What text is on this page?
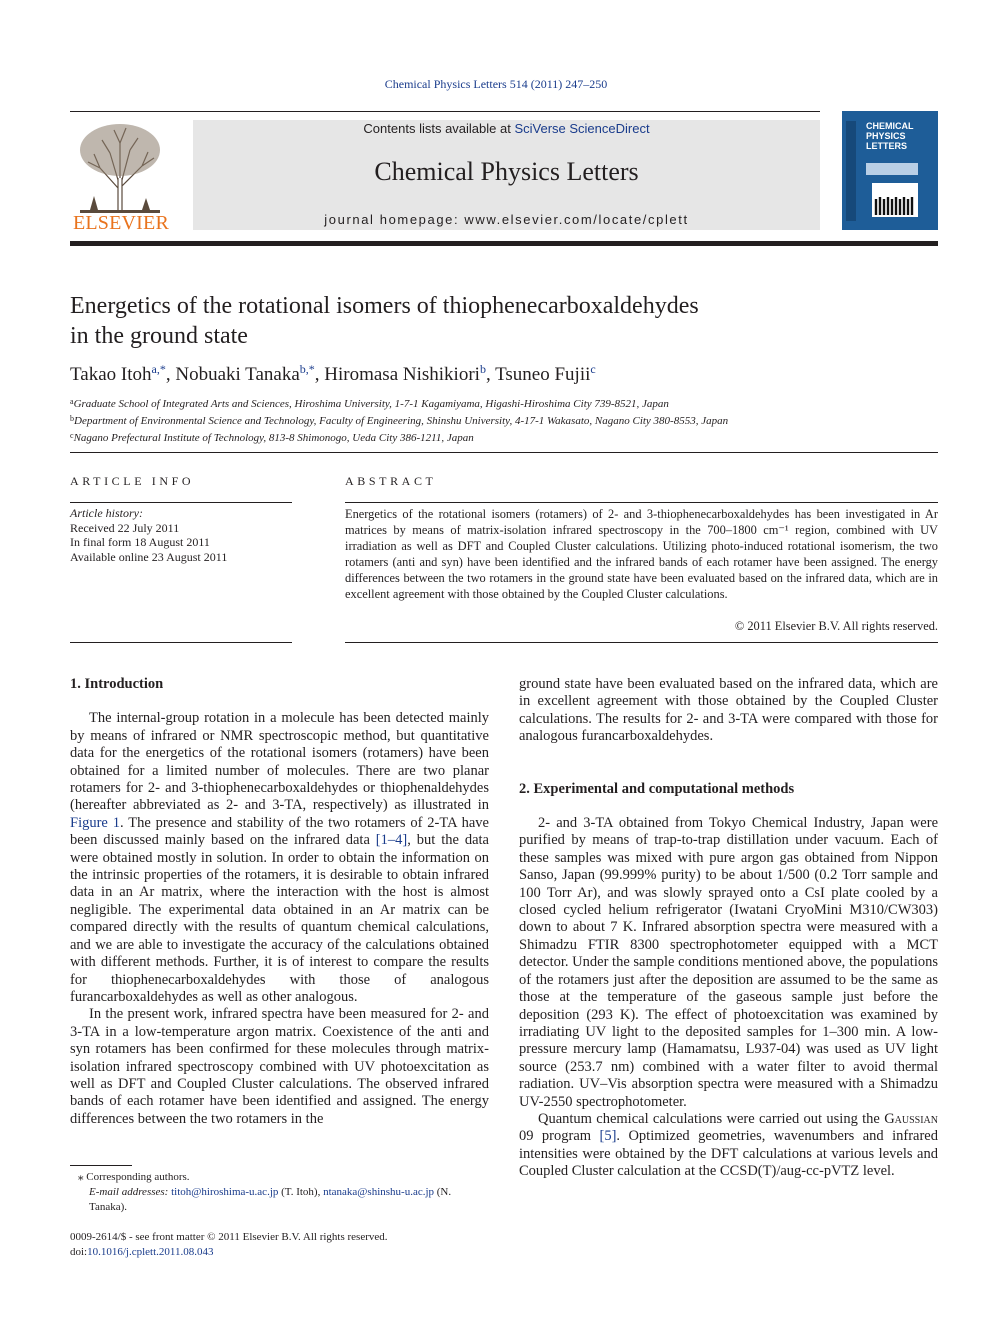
Chemical Physics Letters 514 (2011) 247–250
ELSEVIER
Contents lists available at SciVerse ScienceDirect
Chemical Physics Letters
journal homepage: www.elsevier.com/locate/cplett
CHEMICAL
PHYSICS
LETTERS
Energetics of the rotational isomers of thiophenecarboxaldehydes
in the ground state
Takao Itoh$^{a,*}$, Nobuaki Tanaka$^{b,*}$, Hiromasa Nishikiori$^b$, Tsuneo Fujii$^c$
$^a$Graduate School of Integrated Arts and Sciences, Hiroshima University, 1-7-1 Kagamiyama, Higashi-Hiroshima City 739-8521, Japan
$^b$Department of Environmental Science and Technology, Faculty of Engineering, Shinshu University, 4-17-1 Wakasato, Nagano City 380-8553, Japan
$^c$Nagano Prefectural Institute of Technology, 813-8 Shimonogo, Ueda City 386-1211, Japan
ARTICLE INFO
Article history:
Received 22 July 2011
In final form 18 August 2011
Available online 23 August 2011
ABSTRACT
Energetics of the rotational isomers (rotamers) of 2- and 3-thiophenecarboxaldehydes has been investigated in Ar matrices by means of matrix-isolation infrared spectroscopy in the 700–1800 cm⁻¹ region, combined with UV irradiation as well as DFT and Coupled Cluster calculations. Utilizing photo-induced rotational isomerism, the two rotamers (anti and syn) have been identified and the infrared bands of each rotamer have been assigned. The energy differences between the two rotamers in the ground state have been evaluated based on the infrared data, which are in excellent agreement with those obtained by the Coupled Cluster calculations.
© 2011 Elsevier B.V. All rights reserved.
1. Introduction

The internal-group rotation in a molecule has been detected mainly by means of infrared or NMR spectroscopic method, but quantitative data for the energetics of the rotational isomers (rotamers) have been obtained for a limited number of molecules. There are two planar rotamers for 2- and 3-thiophenecarboxaldehydes or thiophenaldehydes (hereafter abbreviated as 2- and 3-TA, respectively) as illustrated in Figure 1. The presence and stability of the two rotamers of 2-TA have been discussed mainly based on the infrared data [1–4], but the data were obtained mostly in solution. In order to obtain the information on the intrinsic properties of the rotamers, it is desirable to obtain infrared data in an Ar matrix, where the interaction with the host is almost negligible. The experimental data obtained in an Ar matrix can be compared directly with the results of quantum chemical calculations, and we are able to investigate the accuracy of the calculations obtained with different methods. Further, it is of interest to compare the results for thiophenecarboxaldehydes with those of analogous furancarboxaldehydes as well as other analogous.

In the present work, infrared spectra have been measured for 2- and 3-TA in a low-temperature argon matrix. Coexistence of the anti and syn rotamers has been confirmed for these molecules through matrix-isolation infrared spectroscopy combined with UV photoexcitation as well as DFT and Coupled Cluster calculations. The observed infrared bands of each rotamer have been identified and assigned. The energy differences between the two rotamers in the

ground state have been evaluated based on the infrared data, which are in excellent agreement with those obtained by the Coupled Cluster calculations. The results for 2- and 3-TA were compared with those for analogous furancarboxaldehydes.

2. Experimental and computational methods

2- and 3-TA obtained from Tokyo Chemical Industry, Japan were purified by means of trap-to-trap distillation under vacuum. Each of these samples was mixed with pure argon gas obtained from Nippon Sanso, Japan (99.999% purity) to be about 1/500 (0.2 Torr sample and 100 Torr Ar), and was slowly sprayed onto a CsI plate cooled by a closed cycled helium refrigerator (Iwatani CryoMini M310/CW303) down to about 7 K. Infrared absorption spectra were measured with a Shimadzu FTIR 8300 spectrophotometer equipped with a MCT detector. Under the sample conditions mentioned above, the populations of the rotamers just after the deposition are assumed to be the same as those at the temperature of the gaseous sample just before the deposition (293 K). The effect of photoexcitation was examined by irradiating UV light to the deposited samples for 1–300 min. A low-pressure mercury lamp (Hamamatsu, L937-04) was used as UV light source (253.7 nm) combined with a water filter to avoid thermal radiation. UV–Vis absorption spectra were measured with a Shimadzu UV-2550 spectrophotometer.

Quantum chemical calculations were carried out using the Gaussian 09 program [5]. Optimized geometries, wavenumbers and infrared intensities were obtained by the DFT calculations at various levels and Coupled Cluster calculation at the CCSD(T)/aug-cc-pVTZ level.

⁎ Corresponding authors.
E-mail addresses: titoh@hiroshima-u.ac.jp (T. Itoh), ntanaka@shinshu-u.ac.jp (N. Tanaka).
0009-2614/$ - see front matter © 2011 Elsevier B.V. All rights reserved.
doi:10.1016/j.cplett.2011.08.043
